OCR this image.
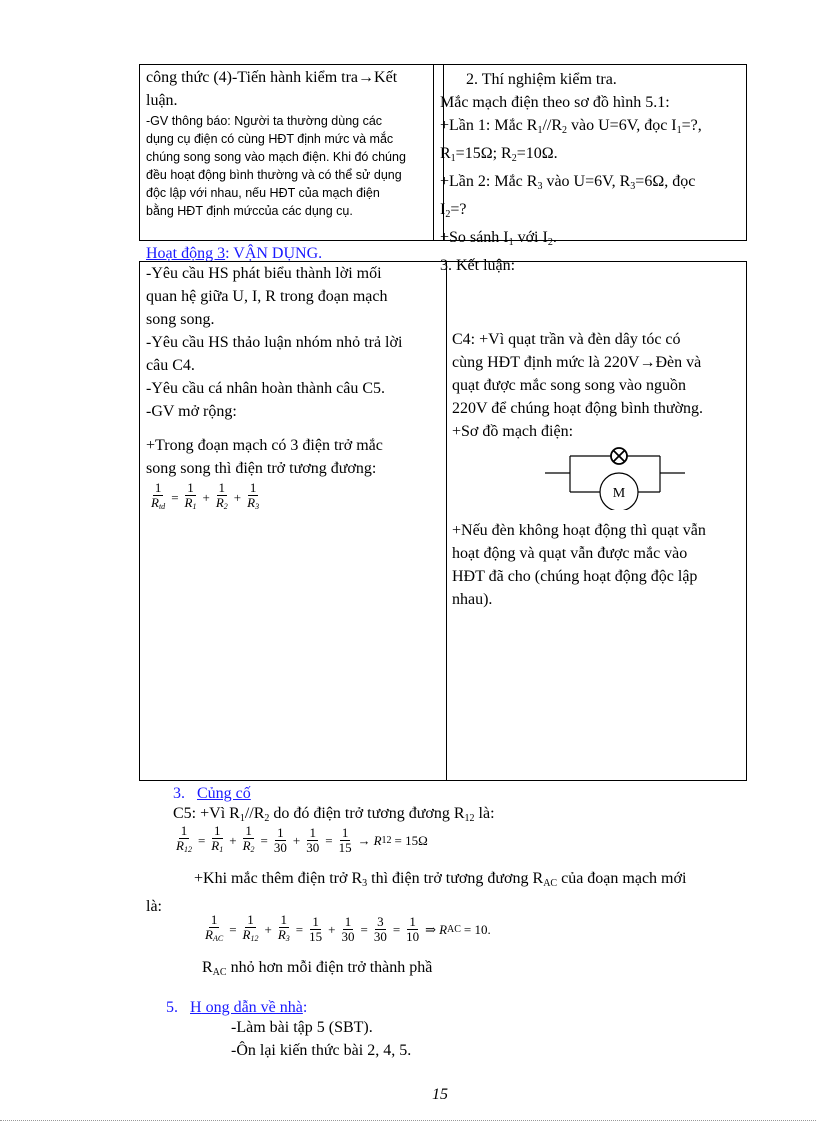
công thức (4)-Tiến hành kiểm tra→Kết

luận.

-GV thông báo: Người ta thường dùng các

dụng cụ điện có cùng HĐT định mức và mắc

chúng song song vào mạch điện. Khi đó chúng

đều hoạt động bình thường và có thể sử dụng

độc lập với nhau, nếu HĐT của mạch điện

bằng HĐT định mứccủa các dụng cụ.

2. Thí nghiệm kiểm tra.

Mắc mạch điện theo sơ đồ hình 5.1:

+Lần 1: Mắc $R_1//R_2$ vào U=6V, đọc $I_1=$?,

$R_1=15\Omega$; $R_2=10\Omega$.

+Lần 2: Mắc $R_3$ vào U=6V, $R_3=6\Omega$, đọc

$I_2=$?

+So sánh $I_1$ với $I_2$.

3. Kết luận:

Hoạt động 3: VẬN DỤNG.

-Yêu cầu HS phát biểu thành lời mối

quan hệ giữa U, I, R trong đoạn mạch

song song.

-Yêu cầu HS thảo luận nhóm nhỏ trả lời

câu C4.

-Yêu cầu cá nhân hoàn thành câu C5.

-GV mở rộng:

+Trong đoạn mạch có 3 điện trở mắc

song song thì điện trở tương đương:

$\frac{1}{R_{td}} = \frac{1}{R_1} + \frac{1}{R_2} + \frac{1}{R_3}$

C4: +Vì quạt trần và đèn dây tóc có

cùng HĐT định mức là 220V→Đèn và

quạt được mắc song song vào nguồn

220V để chúng hoạt động bình thường.

+Sơ đồ mạch điện:

M

+Nếu đèn không hoạt động thì quạt vẫn

hoạt động và quạt vẫn được mắc vào

HĐT đã cho (chúng hoạt động độc lập

nhau).

3. Củng cố

C5: +Vì $R_1//R_2$ do đó điện trở tương đương $R_{12}$ là:

$\frac{1}{R_{12}} = \frac{1}{R_1} + \frac{1}{R_2} = \frac{1}{30} + \frac{1}{30} = \frac{1}{15} \to R$ 12 = 15Ω

+Khi mắc thêm điện trở $R_3$ thì điện trở tương đương $R_{AC}$ của đoạn mạch mới

là:

$\frac{1}{R_{AC}} = \frac{1}{R_{12}} + \frac{1}{R_3} = \frac{1}{15} + \frac{1}{30} = \frac{3}{30} = \frac{1}{10}$ ⇒ R AC = 10.

$R_{AC}$ nhỏ hơn mỗi điện trở thành phầ

5. H ong dẫn về nhà:

-Làm bài tập 5 (SBT).

-Ôn lại kiến thức bài 2, 4, 5.

15
